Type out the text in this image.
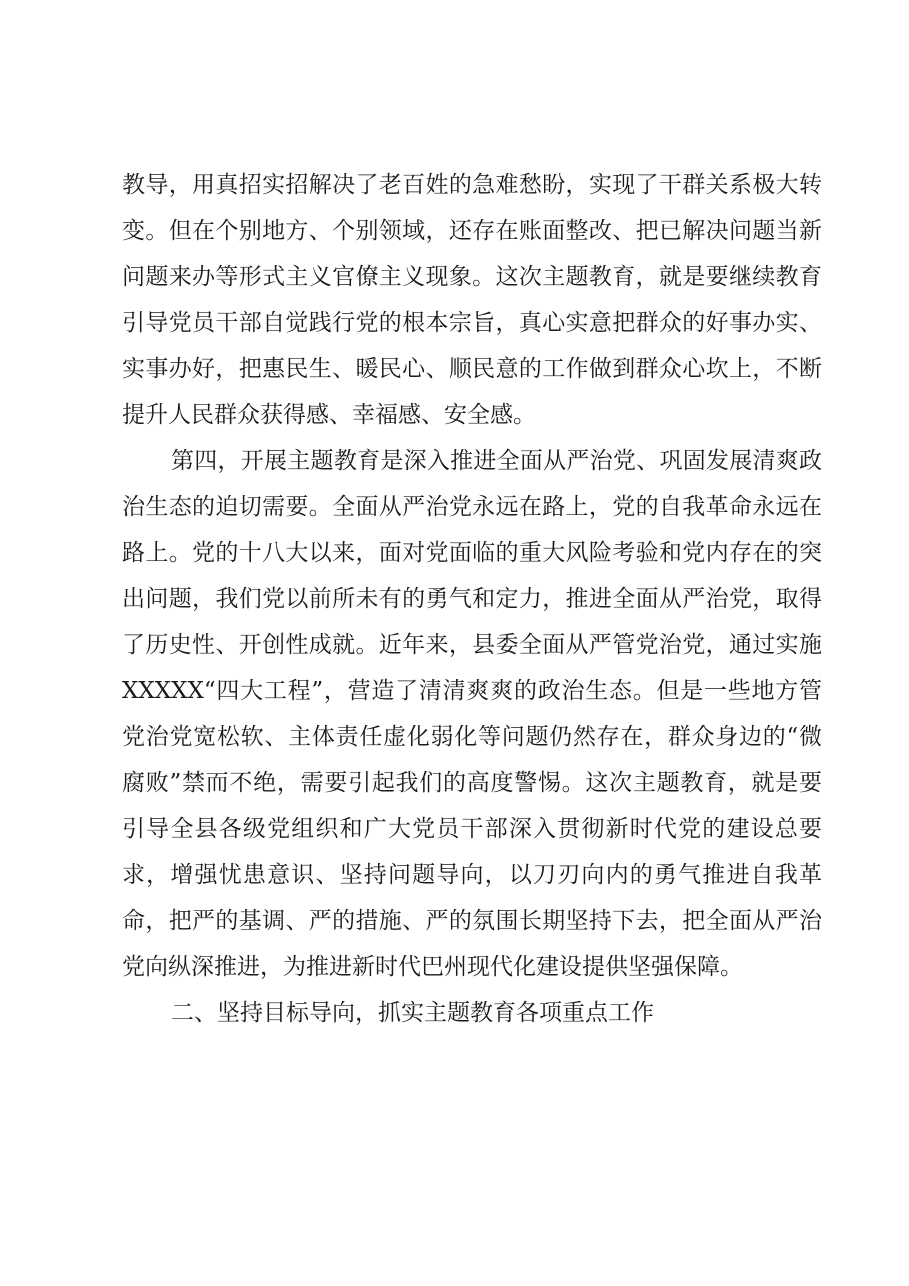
教导，用真招实招解决了老百姓的急难愁盼，实现了干群关系极大转变。但在个别地方、个别领域，还存在账面整改、把已解决问题当新问题来办等形式主义官僚主义现象。这次主题教育，就是要继续教育引导党员干部自觉践行党的根本宗旨，真心实意把群众的好事办实、实事办好，把惠民生、暖民心、顺民意的工作做到群众心坎上，不断提升人民群众获得感、幸福感、安全感。

第四，开展主题教育是深入推进全面从严治党、巩固发展清爽政治生态的迫切需要。全面从严治党永远在路上，党的自我革命永远在路上。党的十八大以来，面对党面临的重大风险考验和党内存在的突出问题，我们党以前所未有的勇气和定力，推进全面从严治党，取得了历史性、开创性成就。近年来，县委全面从严管党治党，通过实施XXXXX“四大工程”，营造了清清爽爽的政治生态。但是一些地方管党治党宽松软、主体责任虚化弱化等问题仍然存在，群众身边的“微腐败”禁而不绝，需要引起我们的高度警惕。这次主题教育，就是要引导全县各级党组织和广大党员干部深入贯彻新时代党的建设总要求，增强忧患意识、坚持问题导向，以刀刃向内的勇气推进自我革命，把严的基调、严的措施、严的氛围长期坚持下去，把全面从严治党向纵深推进，为推进新时代巴州现代化建设提供坚强保障。

二、坚持目标导向，抓实主题教育各项重点工作
